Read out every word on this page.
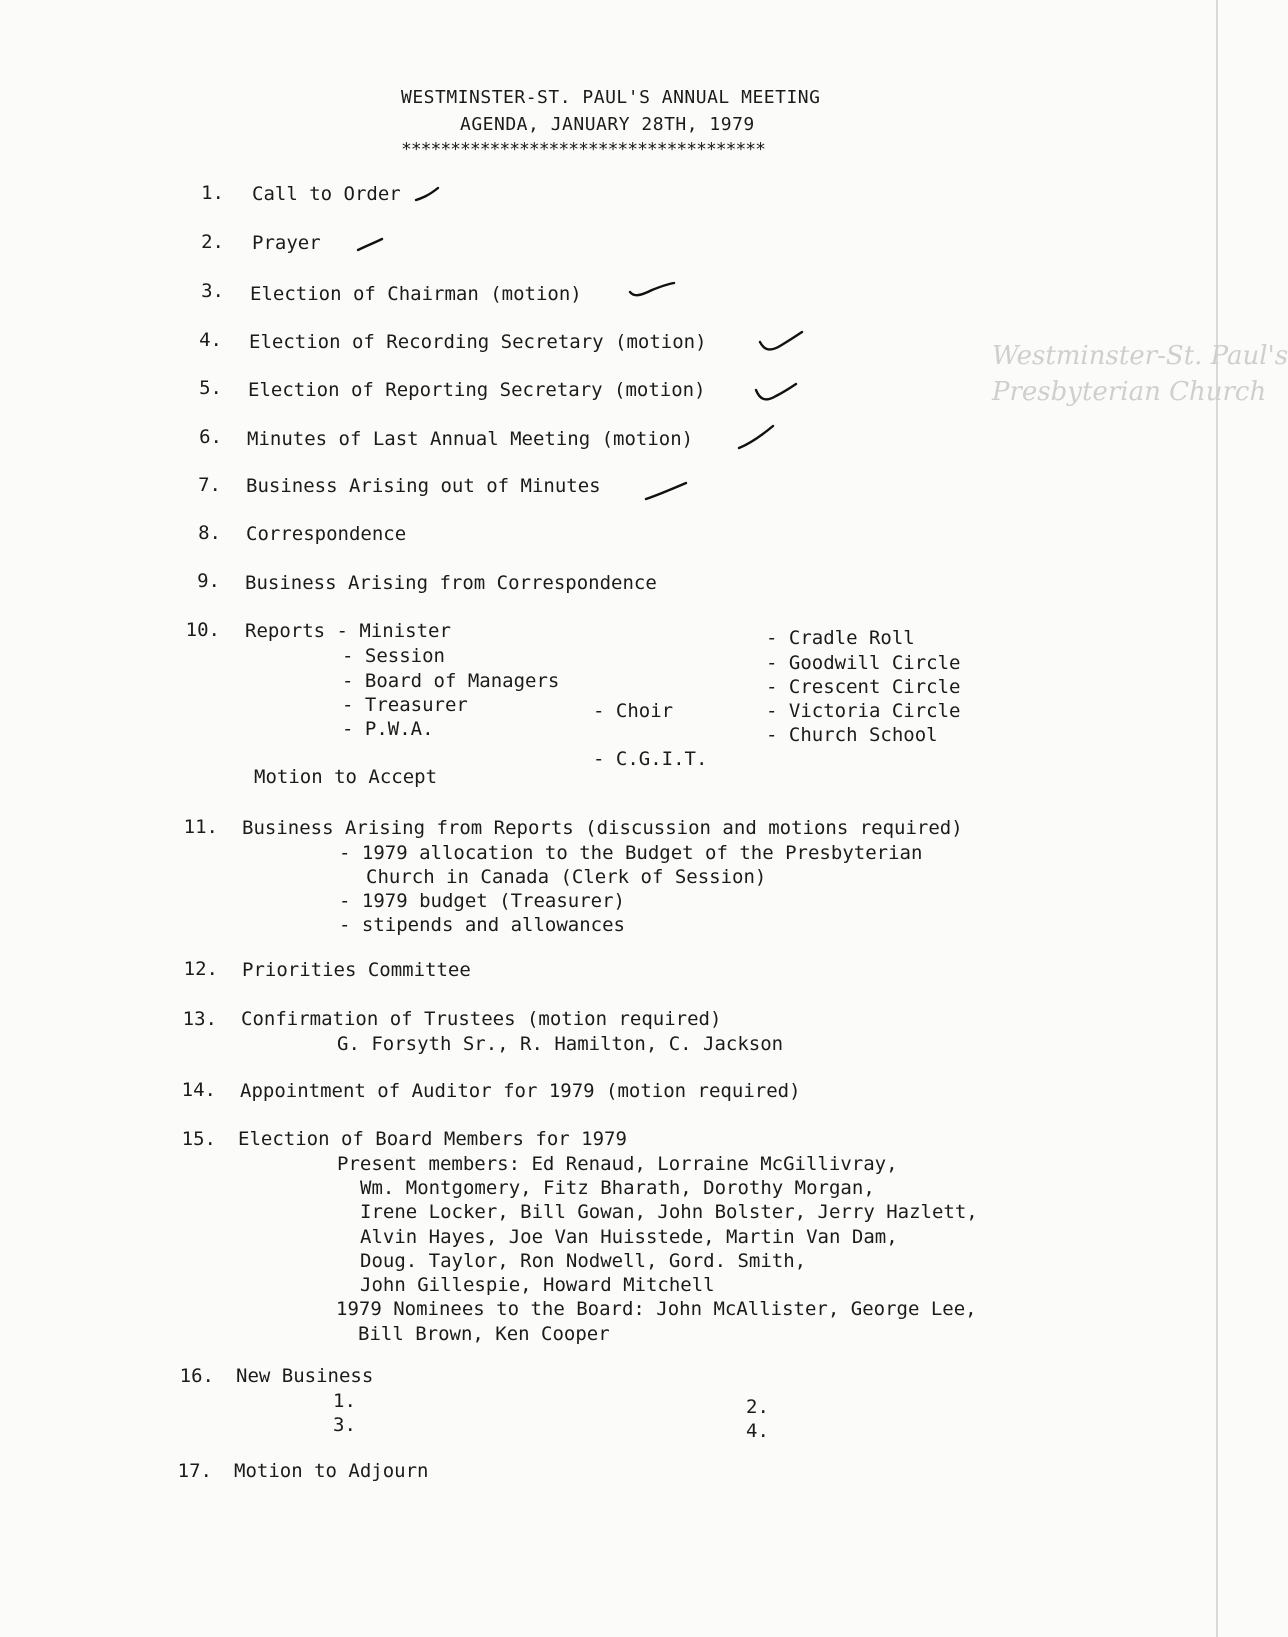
Westminster-St. Paul's
Presbyterian Church
WESTMINSTER-ST. PAUL'S ANNUAL MEETING
AGENDA, JANUARY 28TH, 1979
*************************************
1. Call to Order
2. Prayer
3. Election of Chairman (motion)
4. Election of Recording Secretary (motion)
5. Election of Reporting Secretary (motion)
6. Minutes of Last Annual Meeting (motion)
7. Business Arising out of Minutes
8. Correspondence
9. Business Arising from Correspondence
10. Reports - Minister
- Session
- Board of Managers
- Treasurer
- P.W.A.
- Choir
- C.G.I.T.
- Cradle Roll
- Goodwill Circle
- Crescent Circle
- Victoria Circle
- Church School
Motion to Accept
11. Business Arising from Reports (discussion and motions required)
- 1979 allocation to the Budget of the Presbyterian
Church in Canada (Clerk of Session)
- 1979 budget (Treasurer)
- stipends and allowances
12. Priorities Committee
13. Confirmation of Trustees (motion required)
G. Forsyth Sr., R. Hamilton, C. Jackson
14. Appointment of Auditor for 1979 (motion required)
15. Election of Board Members for 1979
Present members: Ed Renaud, Lorraine McGillivray,
Wm. Montgomery, Fitz Bharath, Dorothy Morgan,
Irene Locker, Bill Gowan, John Bolster, Jerry Hazlett,
Alvin Hayes, Joe Van Huisstede, Martin Van Dam,
Doug. Taylor, Ron Nodwell, Gord. Smith,
John Gillespie, Howard Mitchell
1979 Nominees to the Board: John McAllister, George Lee,
Bill Brown, Ken Cooper
16. New Business
1.	2.
3.	4.
17. Motion to Adjourn
